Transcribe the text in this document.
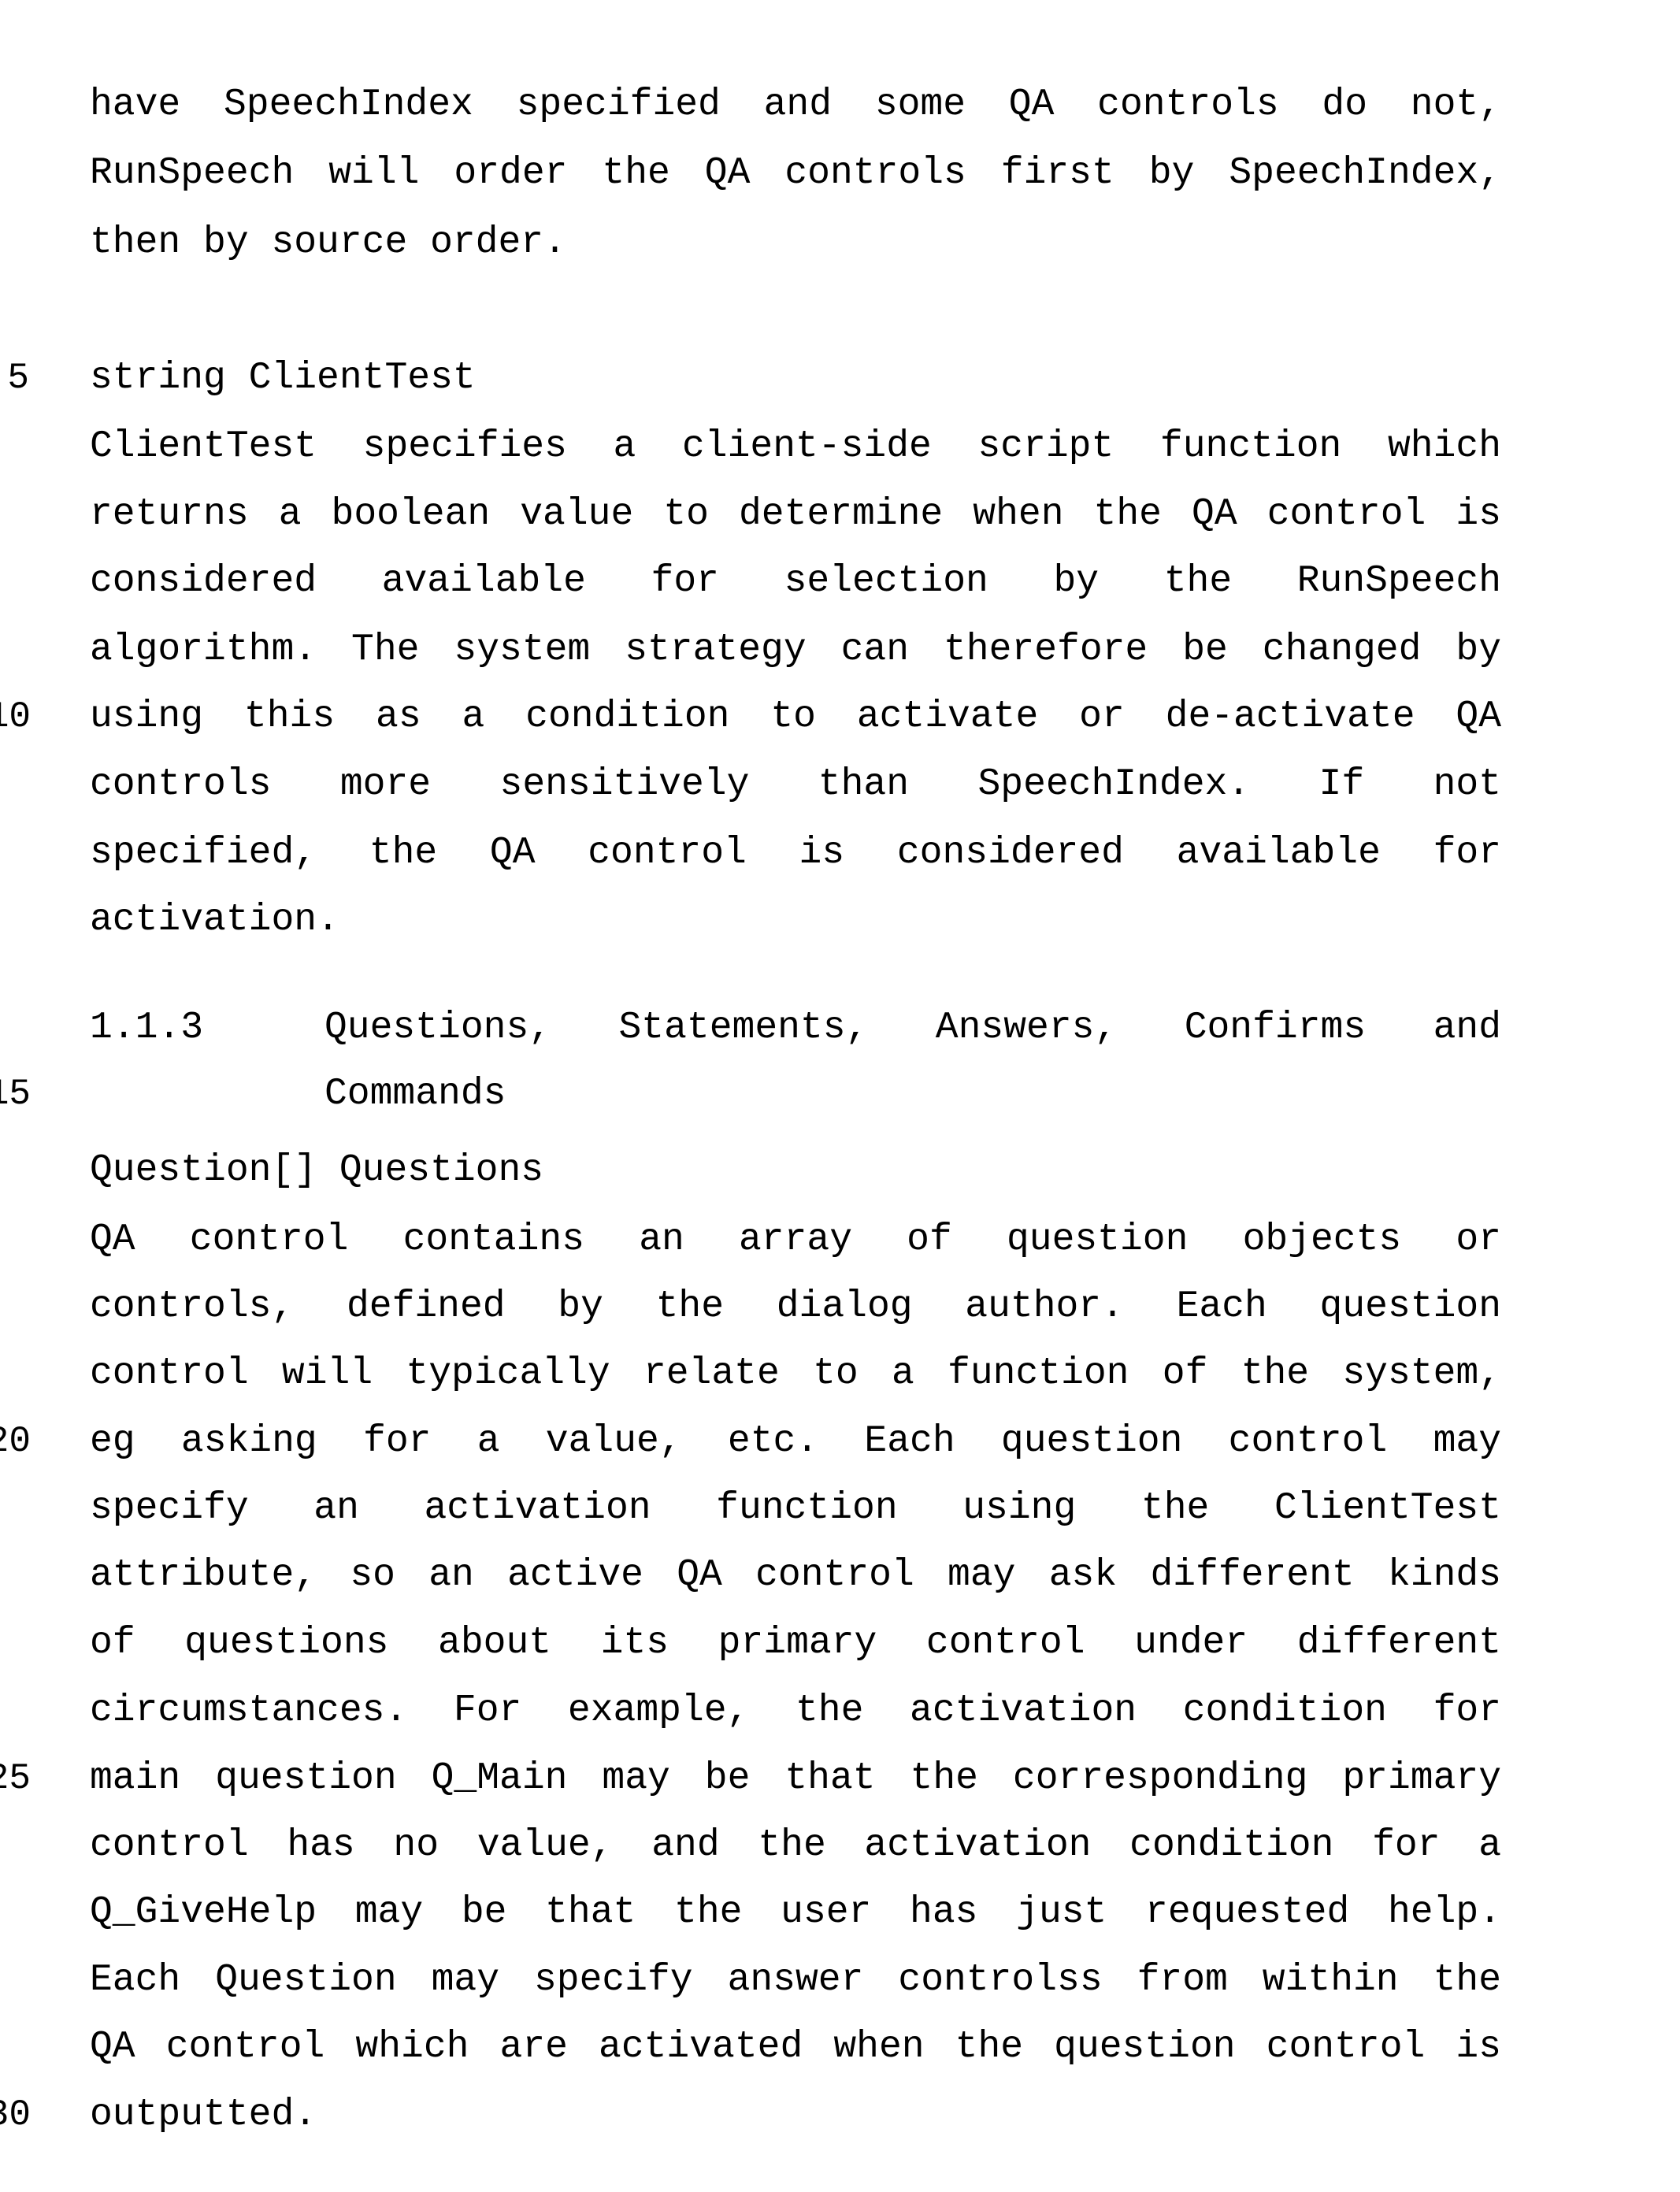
1.1.3	Questions, Statements, Answers, Confirms and
Commands
5
have SpeechIndex specified and some QA controls do not,
RunSpeech will order the QA controls first by SpeechIndex,
then by source order.
string ClientTest
5
ClientTest specifies a client-side script function which
returns a boolean value to determine when the QA control is
considered available for selection by the RunSpeech
algorithm. The system strategy can therefore be changed by
using this as a condition to activate or de-activate QA
0
controls more sensitively than SpeechIndex. If not
specified, the QA control is considered available for
activation.
Question[] Questions
QA control contains an array of question objects or
controls, defined by the dialog author. Each question
control will typically relate to a function of the system,
eg asking for a value, etc. Each question control may
0
specify an activation function using the ClientTest
attribute, so an active QA control may ask different kinds
of questions about its primary control under different
circumstances. For example, the activation condition for
main question Q_Main may be that the corresponding primary
5
control has no value, and the activation condition for a
Q_GiveHelp may be that the user has just requested help.
Each Question may specify answer controlss from within the
QA control which are activated when the question control is
outputted.
0
